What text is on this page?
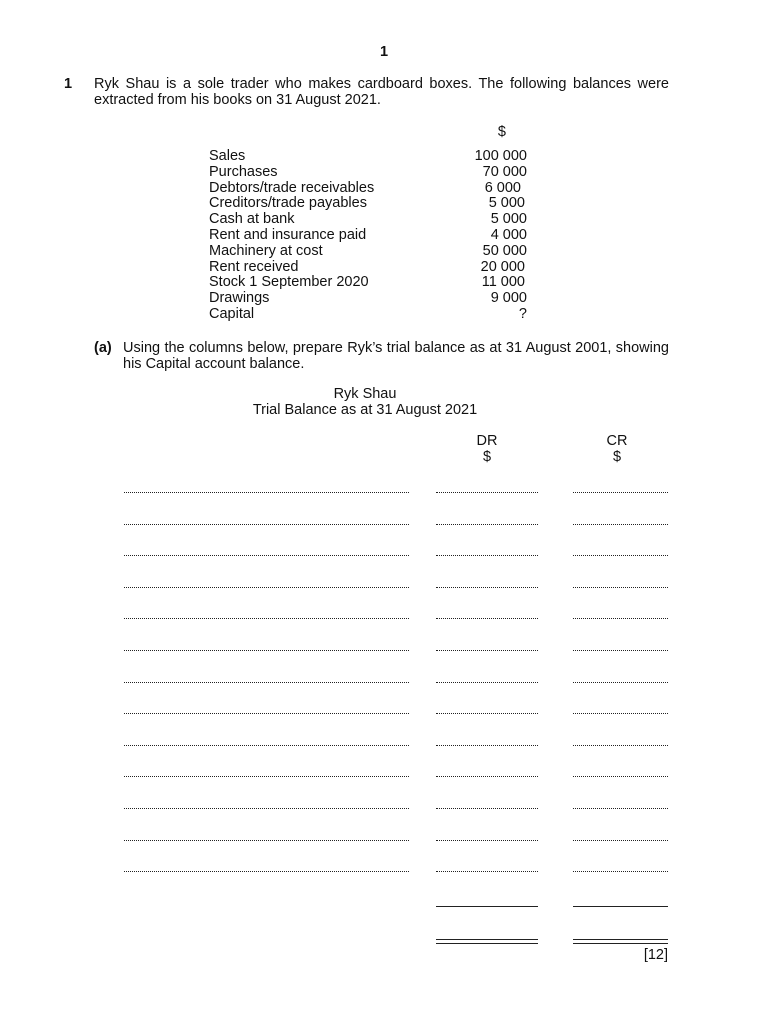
1
1 Ryk Shau is a sole trader who makes cardboard boxes. The following balances were extracted from his books on 31 August 2021.
$
Sales	100 000
Purchases	70 000
Debtors/trade receivables	6 000
Creditors/trade payables	5 000
Cash at bank	5 000
Rent and insurance paid	4 000
Machinery at cost	50 000
Rent received	20 000
Stock 1 September 2020	11 000
Drawings	9 000
Capital	?
(a) Using the columns below, prepare Ryk’s trial balance as at 31 August 2001, showing his Capital account balance.
Ryk Shau
Trial Balance as at 31 August 2021
DR
$
CR
$
[12]
